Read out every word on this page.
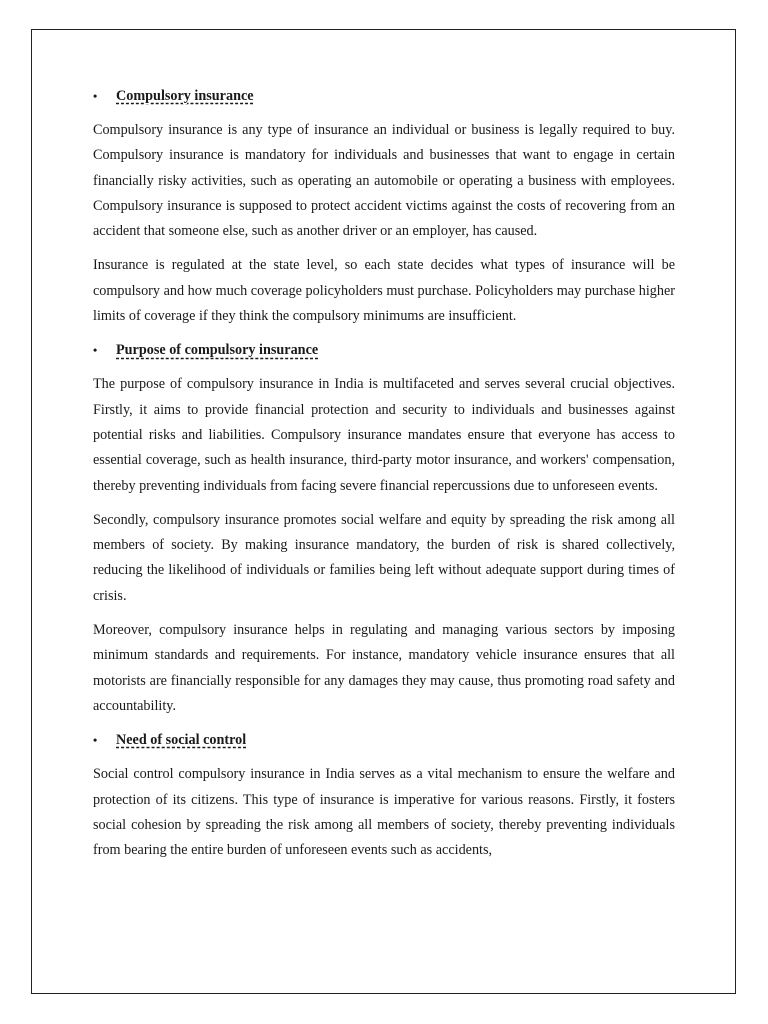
•	Compulsory insurance

Compulsory insurance is any type of insurance an individual or business is legally required to buy. Compulsory insurance is mandatory for individuals and businesses that want to engage in certain financially risky activities, such as operating an automobile or operating a business with employees. Compulsory insurance is supposed to protect accident victims against the costs of recovering from an accident that someone else, such as another driver or an employer, has caused.

Insurance is regulated at the state level, so each state decides what types of insurance will be compulsory and how much coverage policyholders must purchase. Policyholders may purchase higher limits of coverage if they think the compulsory minimums are insufficient.

•	Purpose of compulsory insurance

The purpose of compulsory insurance in India is multifaceted and serves several crucial objectives. Firstly, it aims to provide financial protection and security to individuals and businesses against potential risks and liabilities. Compulsory insurance mandates ensure that everyone has access to essential coverage, such as health insurance, third-party motor insurance, and workers' compensation, thereby preventing individuals from facing severe financial repercussions due to unforeseen events.

Secondly, compulsory insurance promotes social welfare and equity by spreading the risk among all members of society. By making insurance mandatory, the burden of risk is shared collectively, reducing the likelihood of individuals or families being left without adequate support during times of crisis.

Moreover, compulsory insurance helps in regulating and managing various sectors by imposing minimum standards and requirements. For instance, mandatory vehicle insurance ensures that all motorists are financially responsible for any damages they may cause, thus promoting road safety and accountability.

•	Need of social control

Social control compulsory insurance in India serves as a vital mechanism to ensure the welfare and protection of its citizens. This type of insurance is imperative for various reasons. Firstly, it fosters social cohesion by spreading the risk among all members of society, thereby preventing individuals from bearing the entire burden of unforeseen events such as accidents,
